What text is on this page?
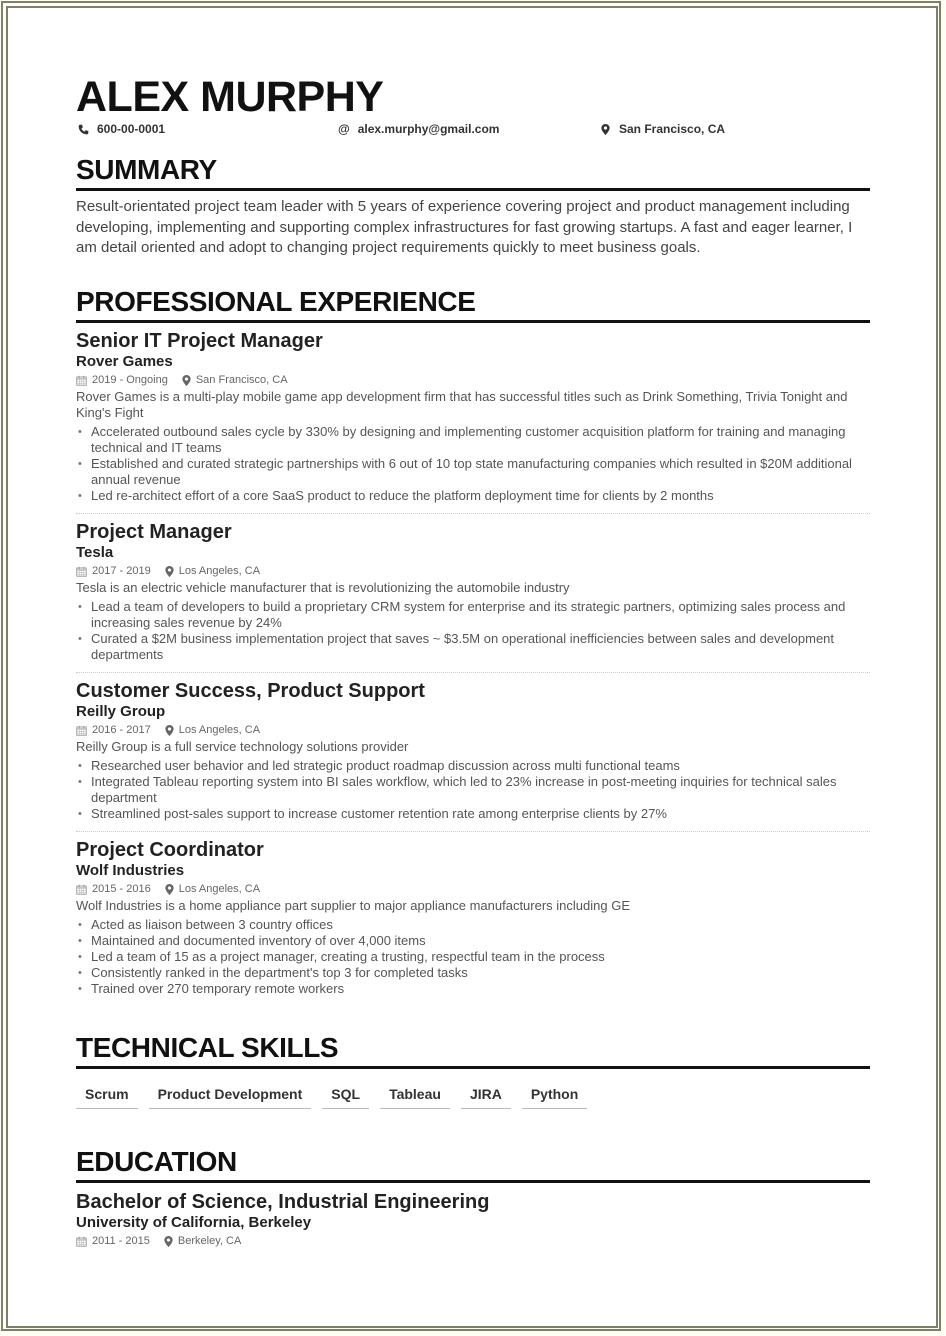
ALEX MURPHY
600-00-0001	@ alex.murphy@gmail.com	San Francisco, CA
SUMMARY

Result-orientated project team leader with 5 years of experience covering project and product management including developing, implementing and supporting complex infrastructures for fast growing startups. A fast and eager learner, I am detail oriented and adopt to changing project requirements quickly to meet business goals.

PROFESSIONAL EXPERIENCE
Senior IT Project Manager
Rover Games
2019 - Ongoing	San Francisco, CA

Rover Games is a multi-play mobile game app development firm that has successful titles such as Drink Something, Trivia Tonight and King's Fight

• Accelerated outbound sales cycle by 330% by designing and implementing customer acquisition platform for training and managing technical and IT teams
• Established and curated strategic partnerships with 6 out of 10 top state manufacturing companies which resulted in $20M additional annual revenue
• Led re-architect effort of a core SaaS product to reduce the platform deployment time for clients by 2 months
Project Manager
Tesla
2017 - 2019	Los Angeles, CA

Tesla is an electric vehicle manufacturer that is revolutionizing the automobile industry

• Lead a team of developers to build a proprietary CRM system for enterprise and its strategic partners, optimizing sales process and increasing sales revenue by 24%
• Curated a $2M business implementation project that saves ~ $3.5M on operational inefficiencies between sales and development departments
Customer Success, Product Support
Reilly Group
2016 - 2017	Los Angeles, CA

Reilly Group is a full service technology solutions provider

• Researched user behavior and led strategic product roadmap discussion across multi functional teams
• Integrated Tableau reporting system into BI sales workflow, which led to 23% increase in post-meeting inquiries for technical sales department
• Streamlined post-sales support to increase customer retention rate among enterprise clients by 27%
Project Coordinator
Wolf Industries
2015 - 2016	Los Angeles, CA

Wolf Industries is a home appliance part supplier to major appliance manufacturers including GE

• Acted as liaison between 3 country offices
• Maintained and documented inventory of over 4,000 items
• Led a team of 15 as a project manager, creating a trusting, respectful team in the process
• Consistently ranked in the department's top 3 for completed tasks
• Trained over 270 temporary remote workers
TECHNICAL SKILLS
Scrum	Product Development	SQL	Tableau	JIRA	Python
EDUCATION
Bachelor of Science, Industrial Engineering
University of California, Berkeley
2011 - 2015	Berkeley, CA
